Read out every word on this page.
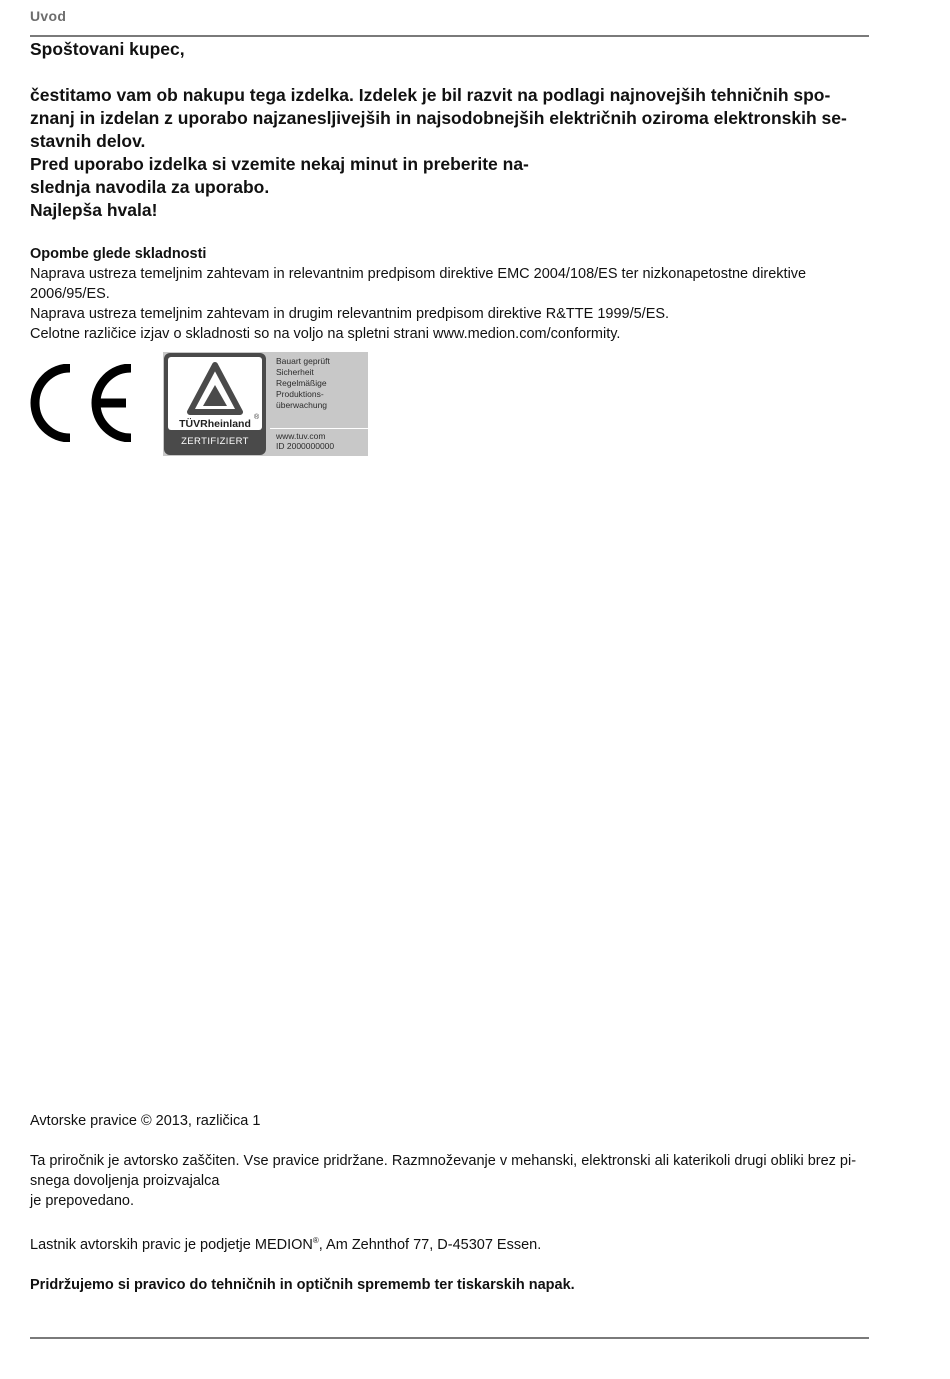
Uvod

Spoštovani kupec,

čestitamo vam ob nakupu tega izdelka. Izdelek je bil razvit na podlagi najnovejših tehničnih spo-znanj in izdelan z uporabo najzanesljivejših in najsodobnejših električnih oziroma elektronskih se-stavnih delov.

Pred uporabo izdelka si vzemite nekaj minut in preberite na-slednja navodila za uporabo.

Najlepša hvala!

Opombe glede skladnosti

Naprava ustreza temeljnim zahtevam in relevantnim predpisom direktive EMC 2004/108/ES ter nizkonapetostne direktive 2006/95/ES.

Naprava ustreza temeljnim zahtevam in drugim relevantnim predpisom direktive R&TTE 1999/5/ES.

Celotne različice izjav o skladnosti so na voljo na spletni strani www.medion.com/conformity.

®
TÜVRheinland
ZERTIFIZIERT
Bauart geprüft Sicherheit Regelmäßige Produktions- überwachung www.tuv.com ID 2000000000

Avtorske pravice © 2013, različica 1

Ta priročnik je avtorsko zaščiten. Vse pravice pridržane. Razmnoževanje v mehanski, elektronski ali katerikoli drugi obliki brez pi-snega dovoljenja proizvajalca

je prepovedano.

Lastnik avtorskih pravic je podjetje MEDION®, Am Zehnthof 77, D-45307 Essen.

Pridržujemo si pravico do tehničnih in optičnih sprememb ter tiskarskih napak.
